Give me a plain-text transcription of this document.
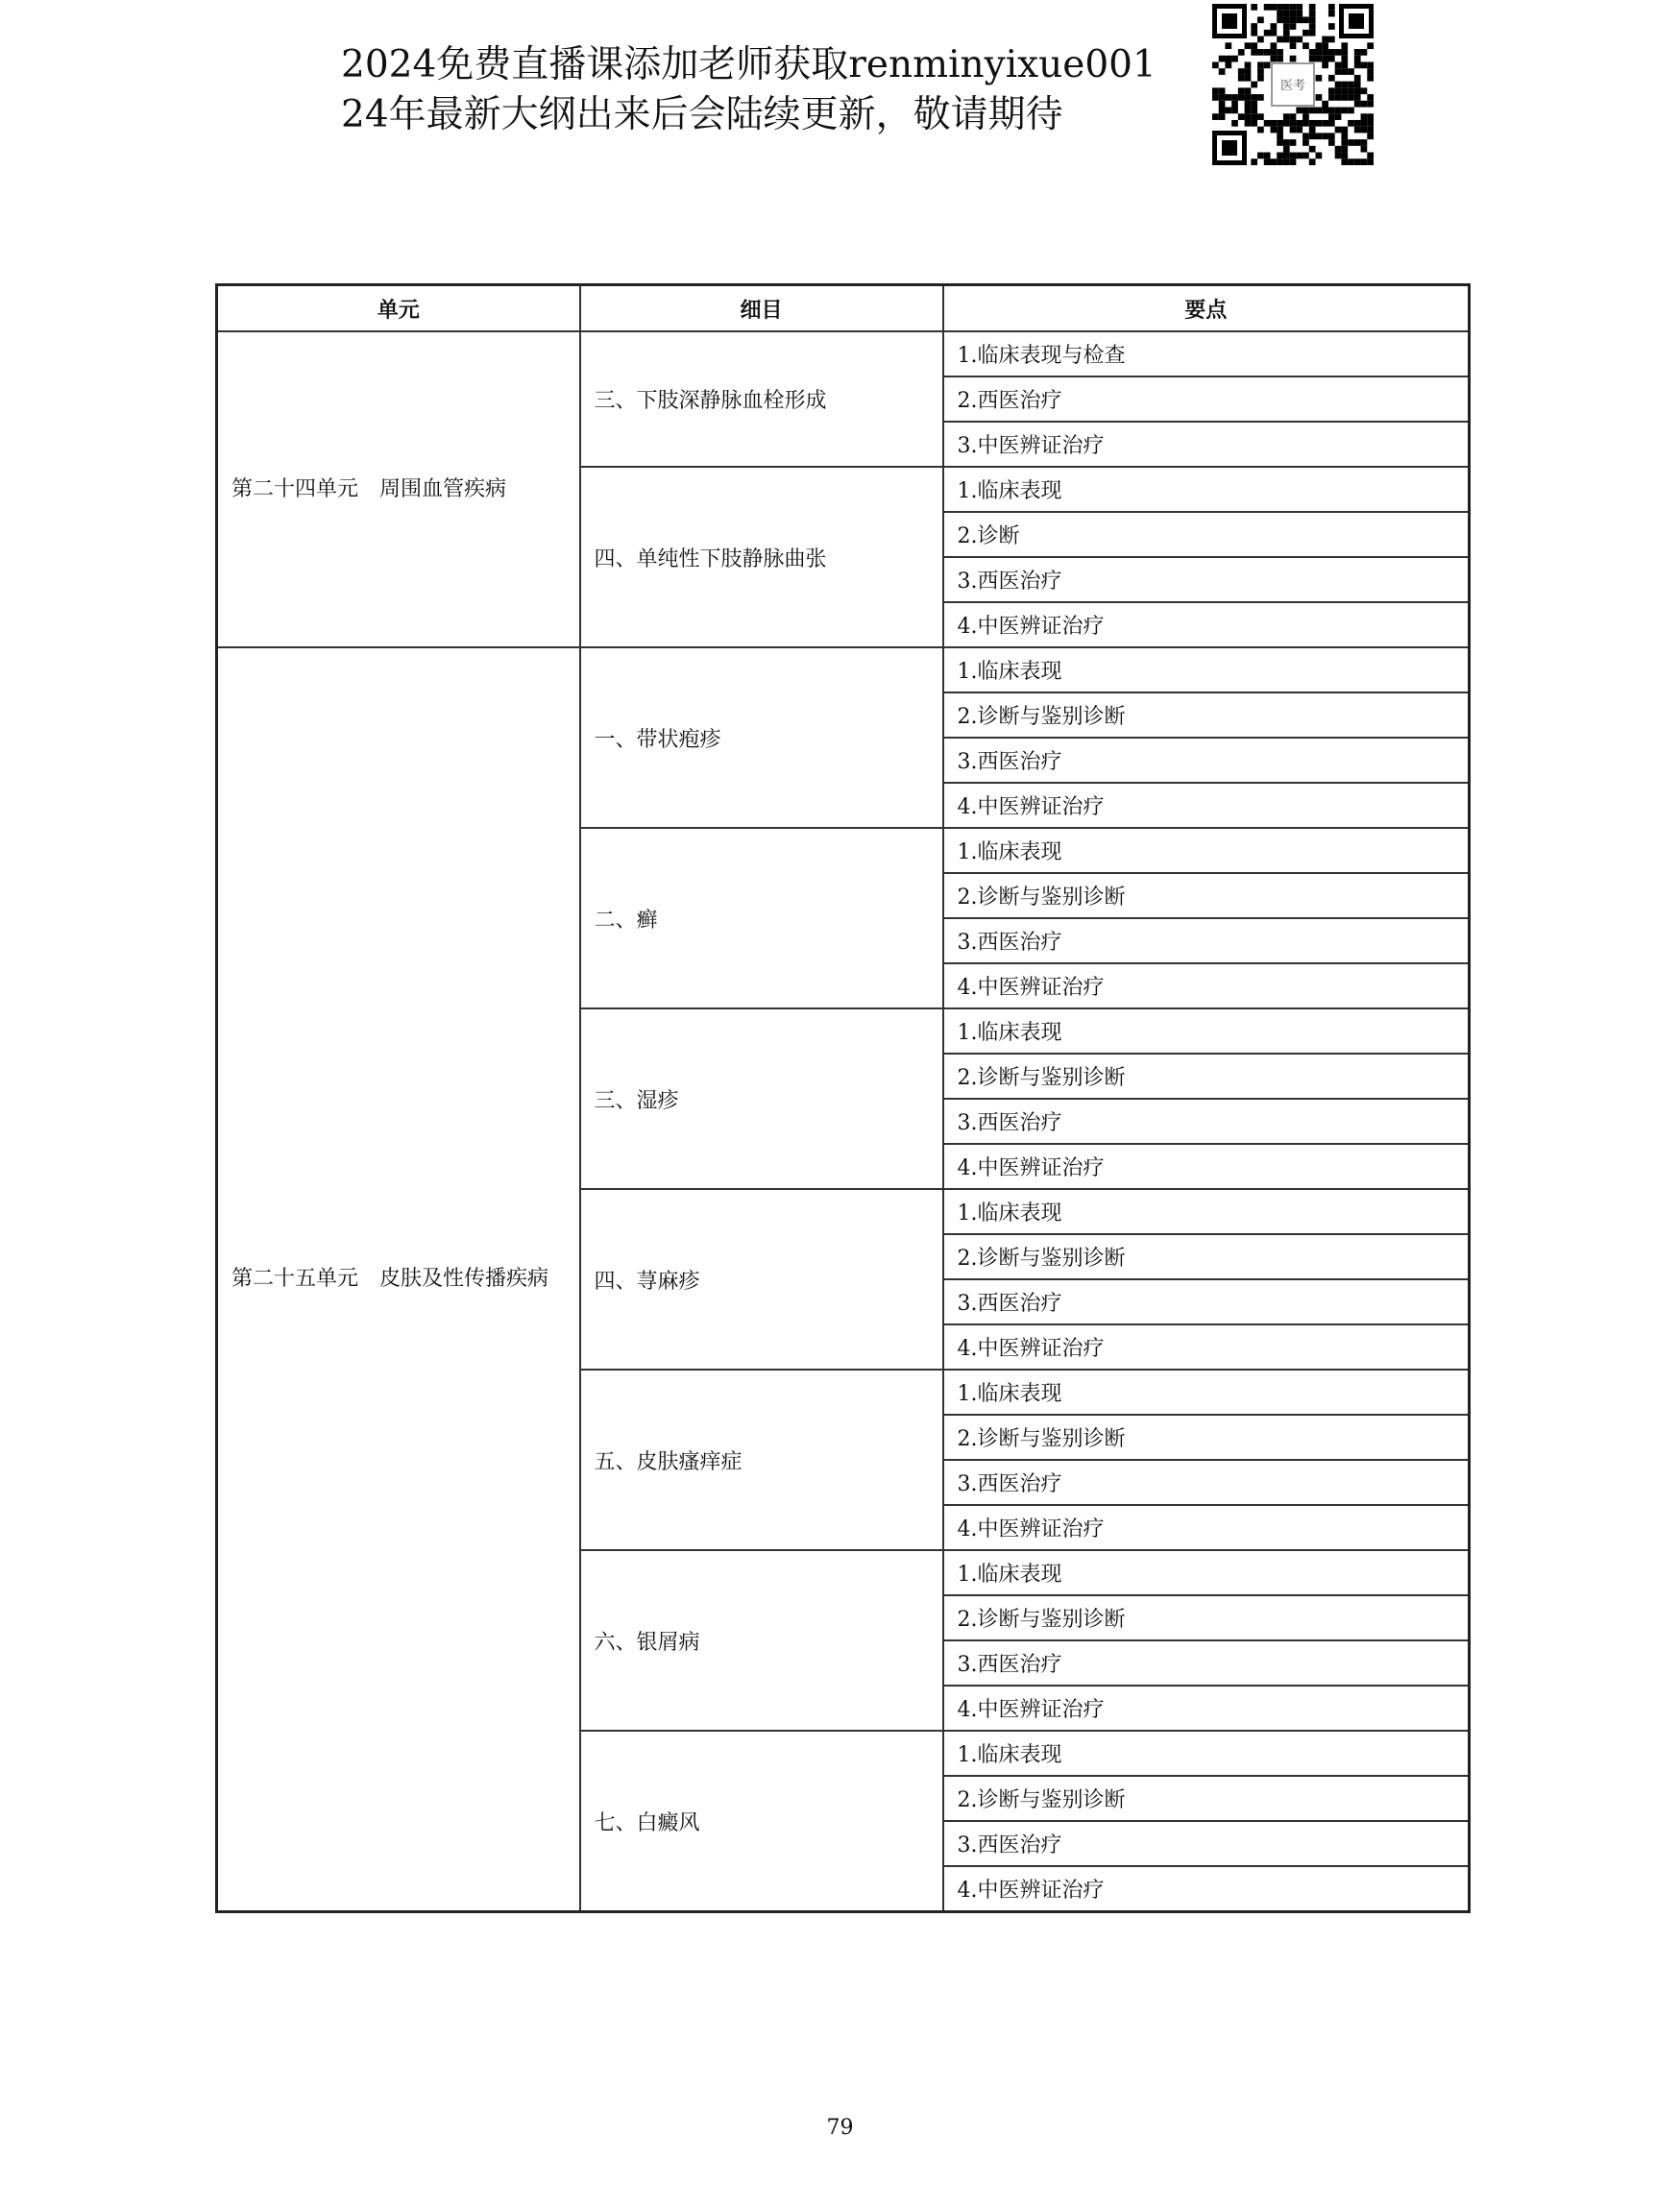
2024免费直播课添加老师获取renminyixue001
24年最新大纲出来后会陆续更新，敬请期待
医考
单元	细目	要点
第二十四单元　周围血管疾病	三、下肢深静脉血栓形成	1.临床表现与检查
		2.西医治疗
		3.中医辨证治疗
	四、单纯性下肢静脉曲张	1.临床表现
		2.诊断
		3.西医治疗
		4.中医辨证治疗
第二十五单元　皮肤及性传播疾病	一、带状疱疹	1.临床表现
		2.诊断与鉴别诊断
		3.西医治疗
		4.中医辨证治疗
	二、癣	1.临床表现
		2.诊断与鉴别诊断
		3.西医治疗
		4.中医辨证治疗
	三、湿疹	1.临床表现
		2.诊断与鉴别诊断
		3.西医治疗
		4.中医辨证治疗
	四、荨麻疹	1.临床表现
		2.诊断与鉴别诊断
		3.西医治疗
		4.中医辨证治疗
	五、皮肤瘙痒症	1.临床表现
		2.诊断与鉴别诊断
		3.西医治疗
		4.中医辨证治疗
	六、银屑病	1.临床表现
		2.诊断与鉴别诊断
		3.西医治疗
		4.中医辨证治疗
	七、白癜风	1.临床表现
		2.诊断与鉴别诊断
		3.西医治疗
		4.中医辨证治疗
79
